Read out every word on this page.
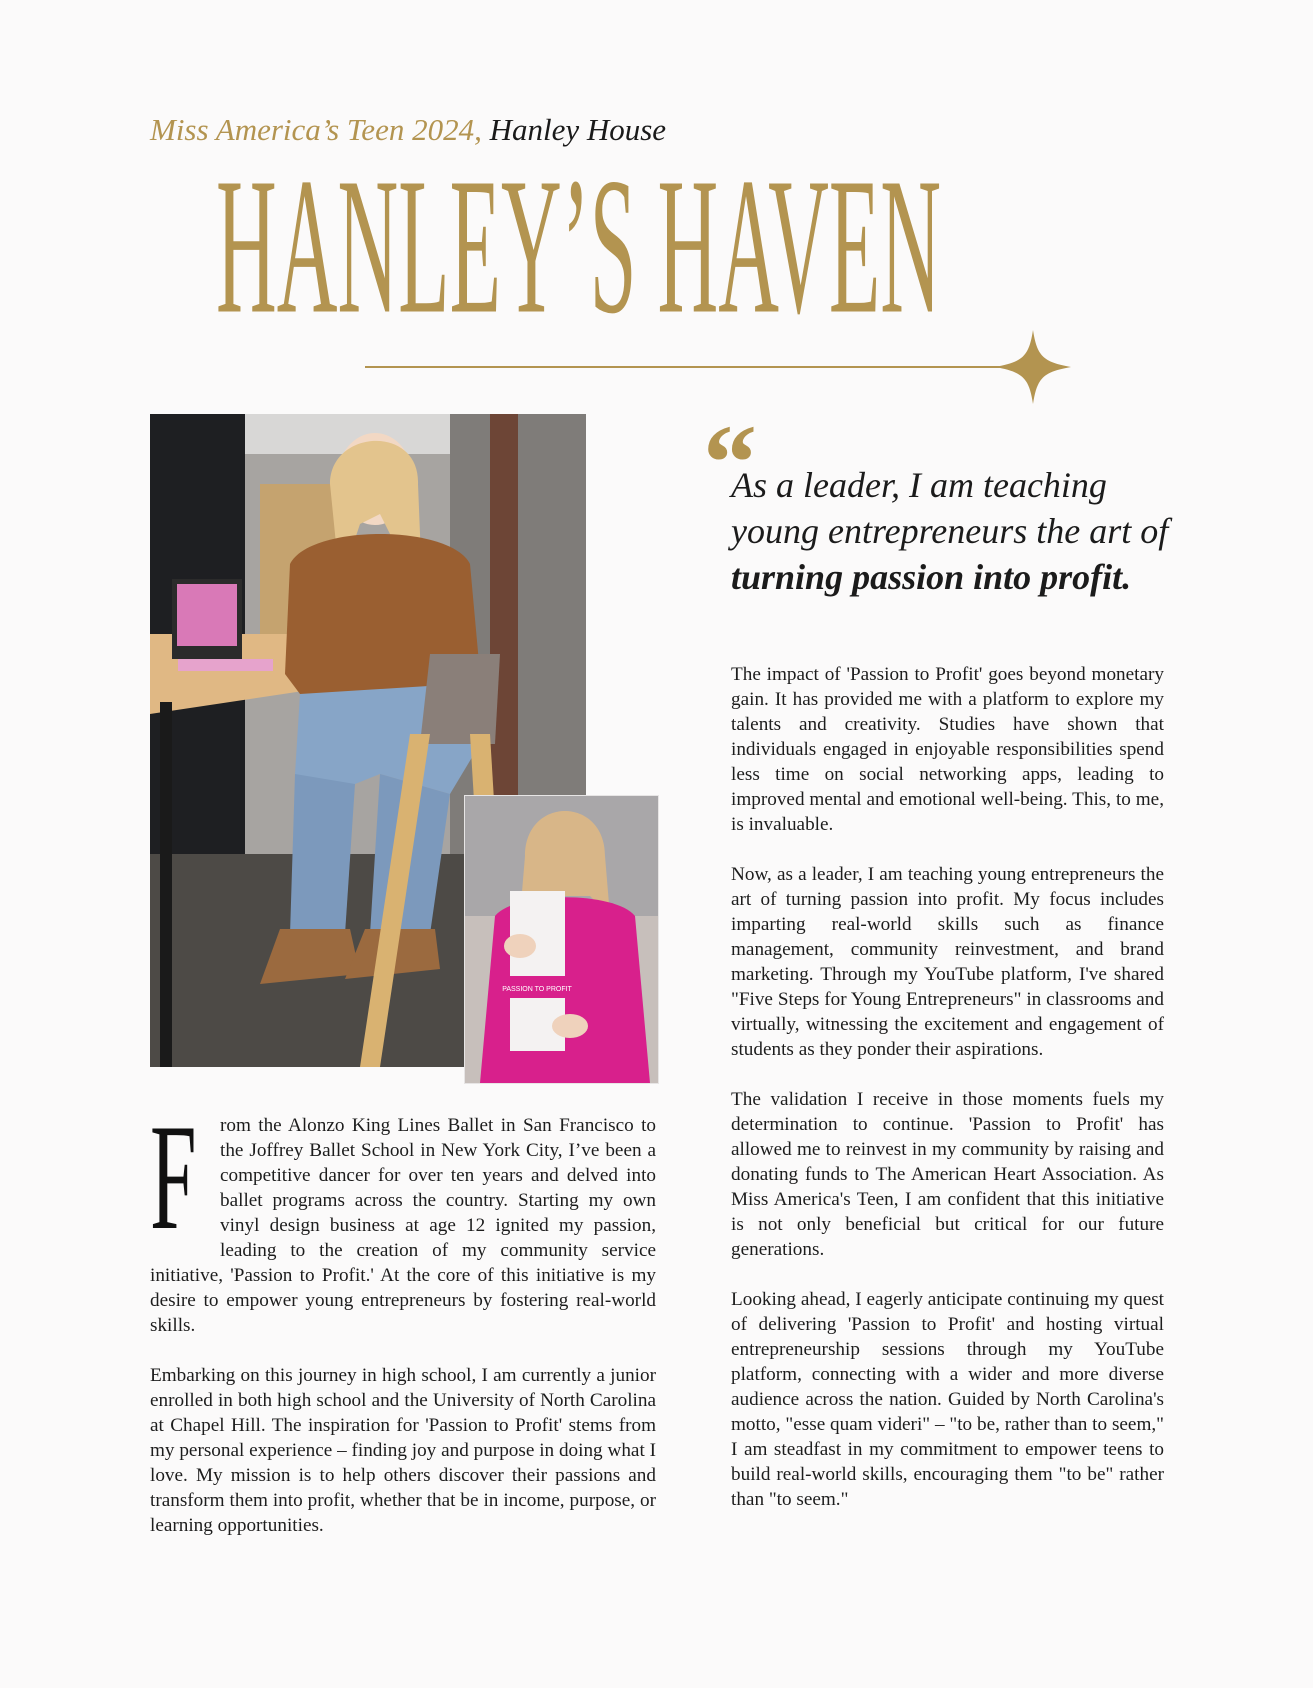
Miss America’s Teen 2024, Hanley House
HANLEY’S HAVEN
PASSION TO PROFIT
“
As a leader, I am teaching young entrepreneurs the art of turning passion into profit.

F rom the Alonzo King Lines Ballet in San Francisco to the Joffrey Ballet School in New York City, I’ve been a competitive dancer for over ten years and delved into ballet programs across the country. Starting my own vinyl design business at age 12 ignited my passion, leading to the creation of my community service initiative, 'Passion to Profit.' At the core of this initiative is my desire to empower young entrepreneurs by fostering real-world skills.

Embarking on this journey in high school, I am currently a junior enrolled in both high school and the University of North Carolina at Chapel Hill. The inspiration for 'Passion to Profit' stems from my personal experience – finding joy and purpose in doing what I love. My mission is to help others discover their passions and transform them into profit, whether that be in income, purpose, or learning opportunities.

The impact of 'Passion to Profit' goes beyond monetary gain. It has provided me with a platform to explore my talents and creativity. Studies have shown that individuals engaged in enjoyable responsibilities spend less time on social networking apps, leading to improved mental and emotional well-being. This, to me, is invaluable.

Now, as a leader, I am teaching young entrepreneurs the art of turning passion into profit. My focus includes imparting real-world skills such as finance management, community reinvestment, and brand marketing. Through my YouTube platform, I've shared "Five Steps for Young Entrepreneurs" in classrooms and virtually, witnessing the excitement and engagement of students as they ponder their aspirations.

The validation I receive in those moments fuels my determination to continue. 'Passion to Profit' has allowed me to reinvest in my community by raising and donating funds to The American Heart Association. As Miss America's Teen, I am confident that this initiative is not only beneficial but critical for our future generations.

Looking ahead, I eagerly anticipate continuing my quest of delivering 'Passion to Profit' and hosting virtual entrepreneurship sessions through my YouTube platform, connecting with a wider and more diverse audience across the nation. Guided by North Carolina's motto, "esse quam videri" – "to be, rather than to seem," I am steadfast in my commitment to empower teens to build real-world skills, encouraging them "to be" rather than "to seem."
